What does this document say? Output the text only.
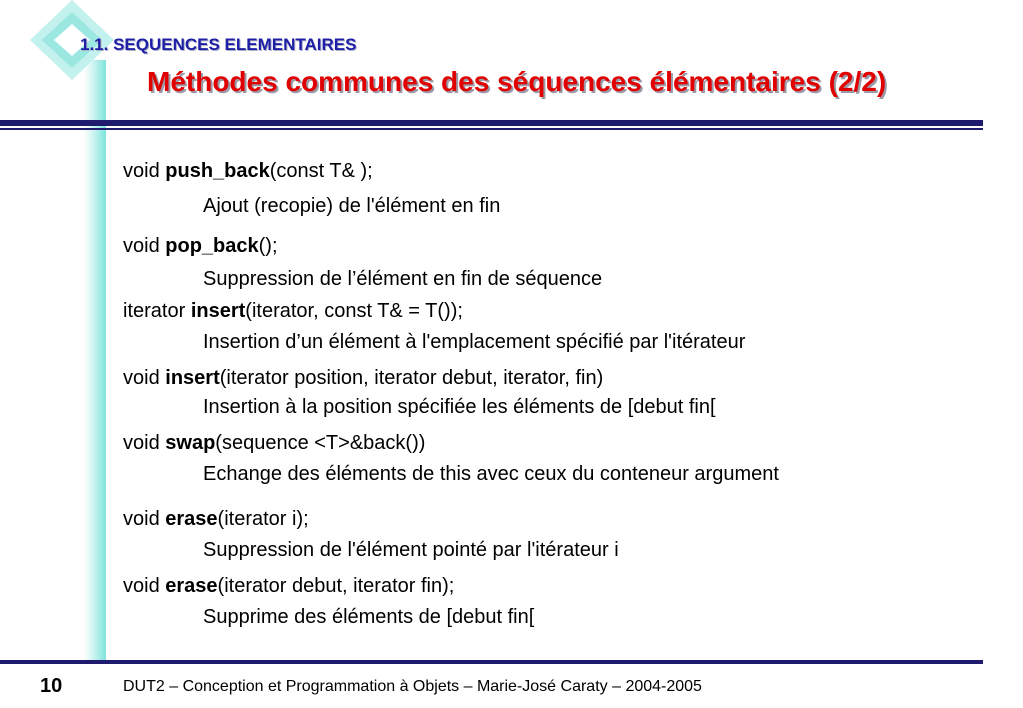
1.1. SEQUENCES ELEMENTAIRES
Méthodes communes des séquences élémentaires (2/2)

void push_back(const T& );

Ajout (recopie) de l'élément en fin

void pop_back();

Suppression de l’élément en fin de séquence

iterator insert(iterator, const T& = T());

Insertion d’un élément à l'emplacement spécifié par l'itérateur

void insert(iterator position, iterator debut, iterator, fin)

Insertion à la position spécifiée les éléments de [debut fin[

void swap(sequence <T>&back())

Echange des éléments de this avec ceux du conteneur argument

void erase(iterator i);

Suppression de l'élément pointé par l'itérateur i

void erase(iterator debut, iterator fin);

Supprime des éléments de [debut fin[

10	DUT2 – Conception et Programmation à Objets – Marie-José Caraty – 2004-2005
